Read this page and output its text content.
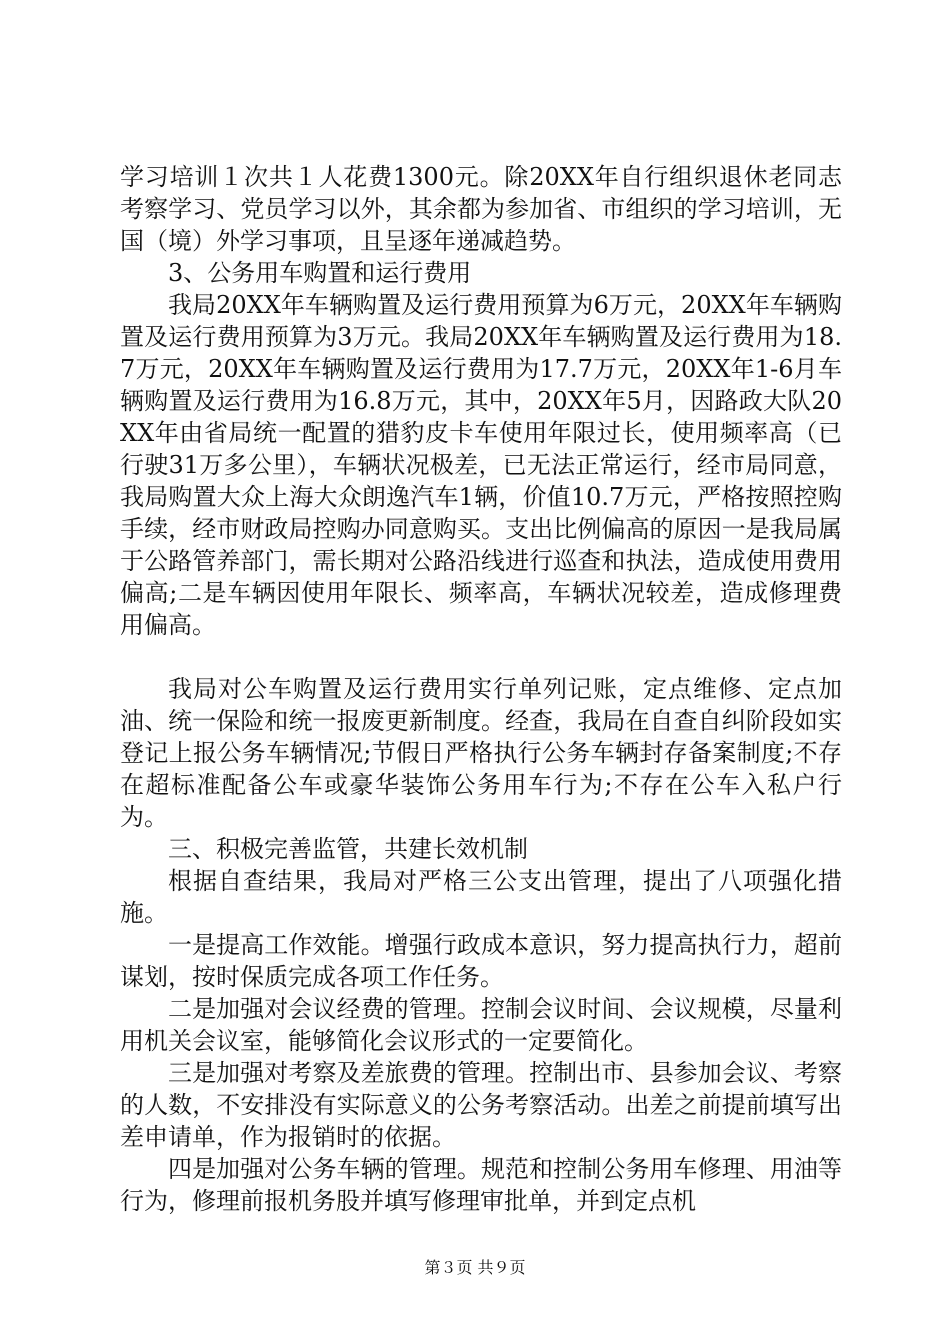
学习培训１次共１人花费1300元。除20XX年自行组织退休老同志考察学习、党员学习以外，其余都为参加省、市组织的学习培训，无国（境）外学习事项，且呈逐年递减趋势。

3、公务用车购置和运行费用

我局20XX年车辆购置及运行费用预算为6万元，20XX年车辆购置及运行费用预算为3万元。我局20XX年车辆购置及运行费用为18.7万元，20XX年车辆购置及运行费用为17.7万元，20XX年1-6月车辆购置及运行费用为16.8万元，其中，20XX年5月，因路政大队20XX年由省局统一配置的猎豹皮卡车使用年限过长，使用频率高（已行驶31万多公里），车辆状况极差，已无法正常运行，经市局同意，我局购置大众上海大众朗逸汽车1辆，价值10.7万元，严格按照控购手续，经市财政局控购办同意购买。支出比例偏高的原因一是我局属于公路管养部门，需长期对公路沿线进行巡查和执法，造成使用费用偏高;二是车辆因使用年限长、频率高，车辆状况较差，造成修理费用偏高。

我局对公车购置及运行费用实行单列记账，定点维修、定点加油、统一保险和统一报废更新制度。经查，我局在自查自纠阶段如实登记上报公务车辆情况;节假日严格执行公务车辆封存备案制度;不存在超标准配备公车或豪华装饰公务用车行为;不存在公车入私户行为。

三、积极完善监管，共建长效机制

根据自查结果，我局对严格三公支出管理，提出了八项强化措施。

一是提高工作效能。增强行政成本意识，努力提高执行力，超前谋划，按时保质完成各项工作任务。

二是加强对会议经费的管理。控制会议时间、会议规模，尽量利用机关会议室，能够简化会议形式的一定要简化。

三是加强对考察及差旅费的管理。控制出市、县参加会议、考察的人数，不安排没有实际意义的公务考察活动。出差之前提前填写出差申请单，作为报销时的依据。

四是加强对公务车辆的管理。规范和控制公务用车修理、用油等行为，修理前报机务股并填写修理审批单，并到定点机

第３页 共９页
